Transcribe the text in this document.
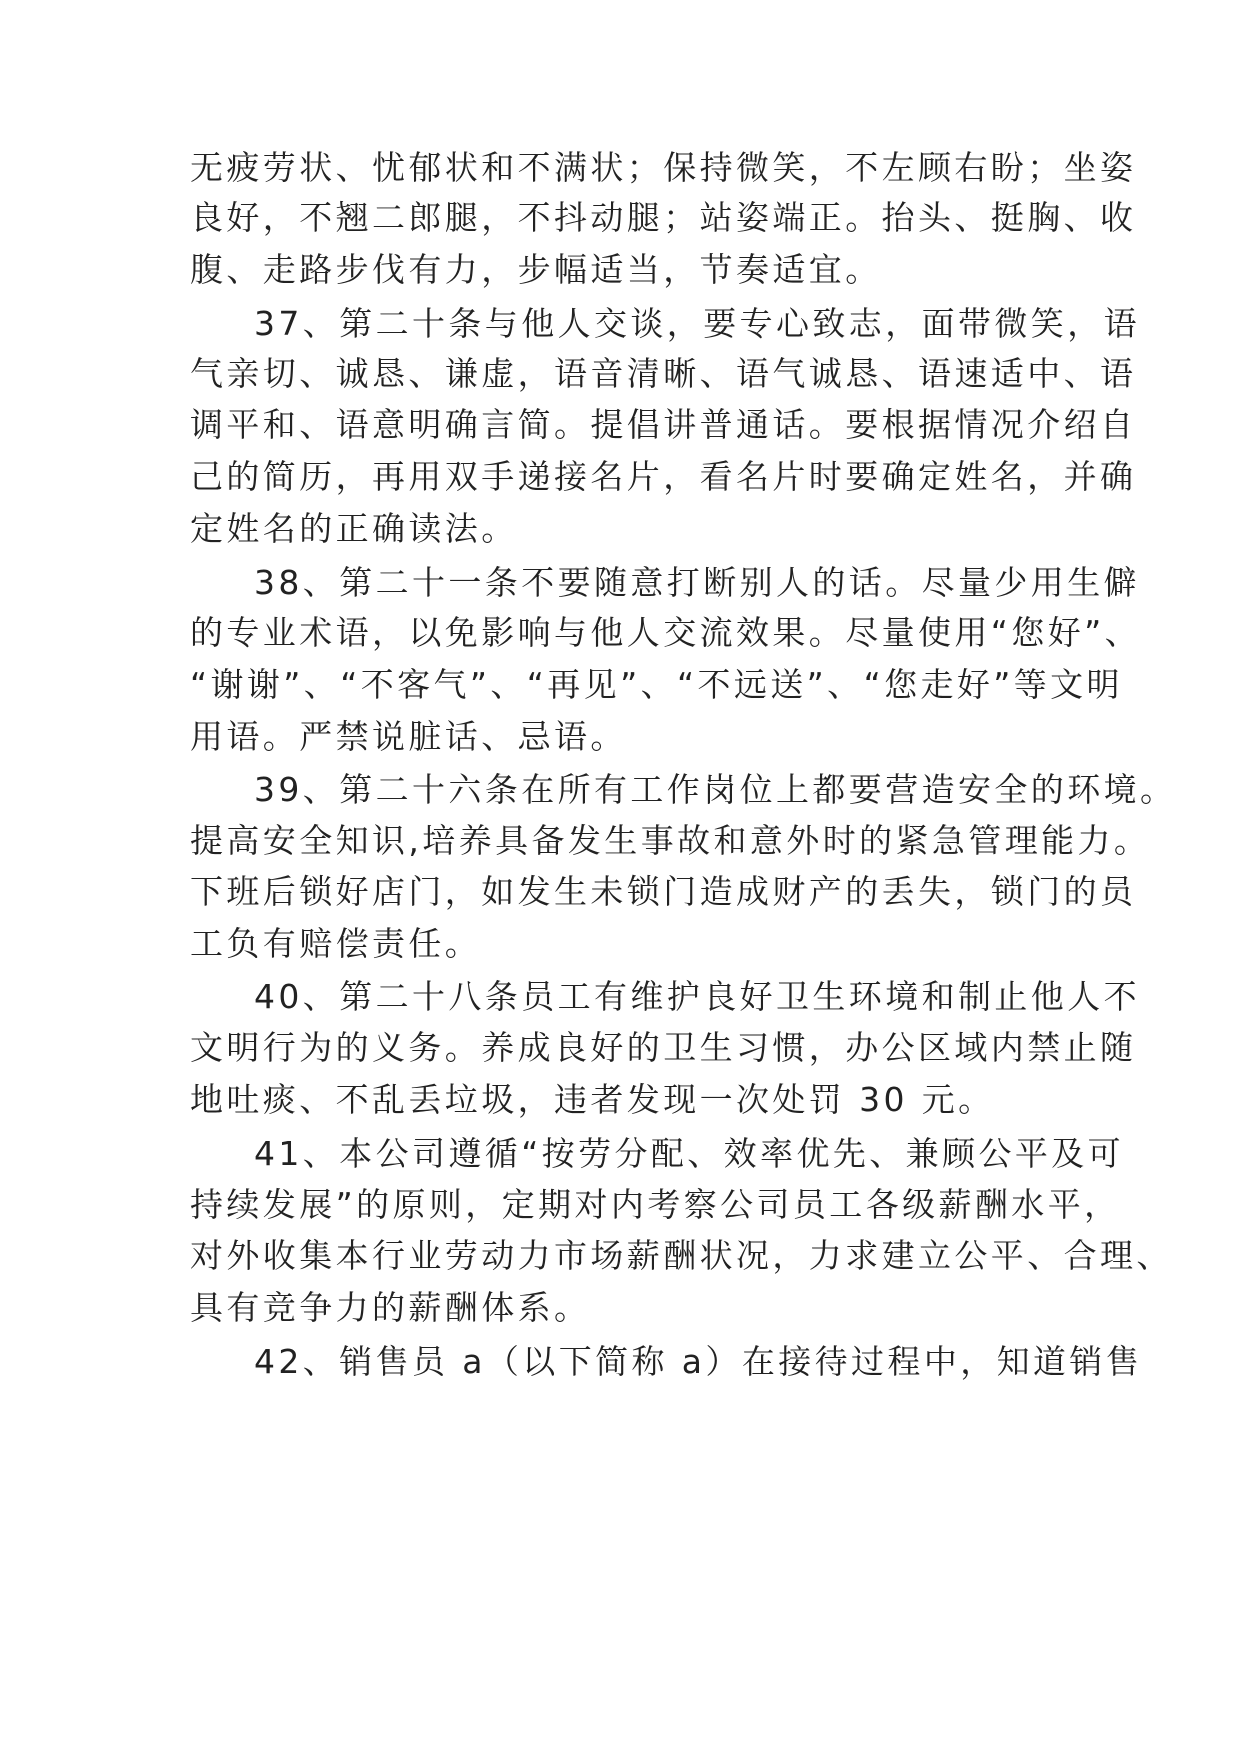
无疲劳状、忧郁状和不满状；保持微笑，不左顾右盼；坐姿
良好，不翘二郎腿，不抖动腿；站姿端正。抬头、挺胸、收
腹、走路步伐有力，步幅适当，节奏适宜。
37、第二十条与他人交谈，要专心致志，面带微笑，语
气亲切、诚恳、谦虚，语音清晰、语气诚恳、语速适中、语
调平和、语意明确言简。提倡讲普通话。要根据情况介绍自
己的简历，再用双手递接名片，看名片时要确定姓名，并确
定姓名的正确读法。
38、第二十一条不要随意打断别人的话。尽量少用生僻
的专业术语，以免影响与他人交流效果。尽量使用“您好”、
“谢谢”、“不客气”、“再见”、“不远送”、“您走好”等文明
用语。严禁说脏话、忌语。
39、第二十六条在所有工作岗位上都要营造安全的环境。
提高安全知识,培养具备发生事故和意外时的紧急管理能力。
下班后锁好店门，如发生未锁门造成财产的丢失，锁门的员
工负有赔偿责任。
40、第二十八条员工有维护良好卫生环境和制止他人不
文明行为的义务。养成良好的卫生习惯，办公区域内禁止随
地吐痰、不乱丢垃圾，违者发现一次处罚 30 元。
41、本公司遵循“按劳分配、效率优先、兼顾公平及可
持续发展”的原则，定期对内考察公司员工各级薪酬水平，
对外收集本行业劳动力市场薪酬状况，力求建立公平、合理、
具有竞争力的薪酬体系。
42、销售员 a（以下简称 a）在接待过程中，知道销售
